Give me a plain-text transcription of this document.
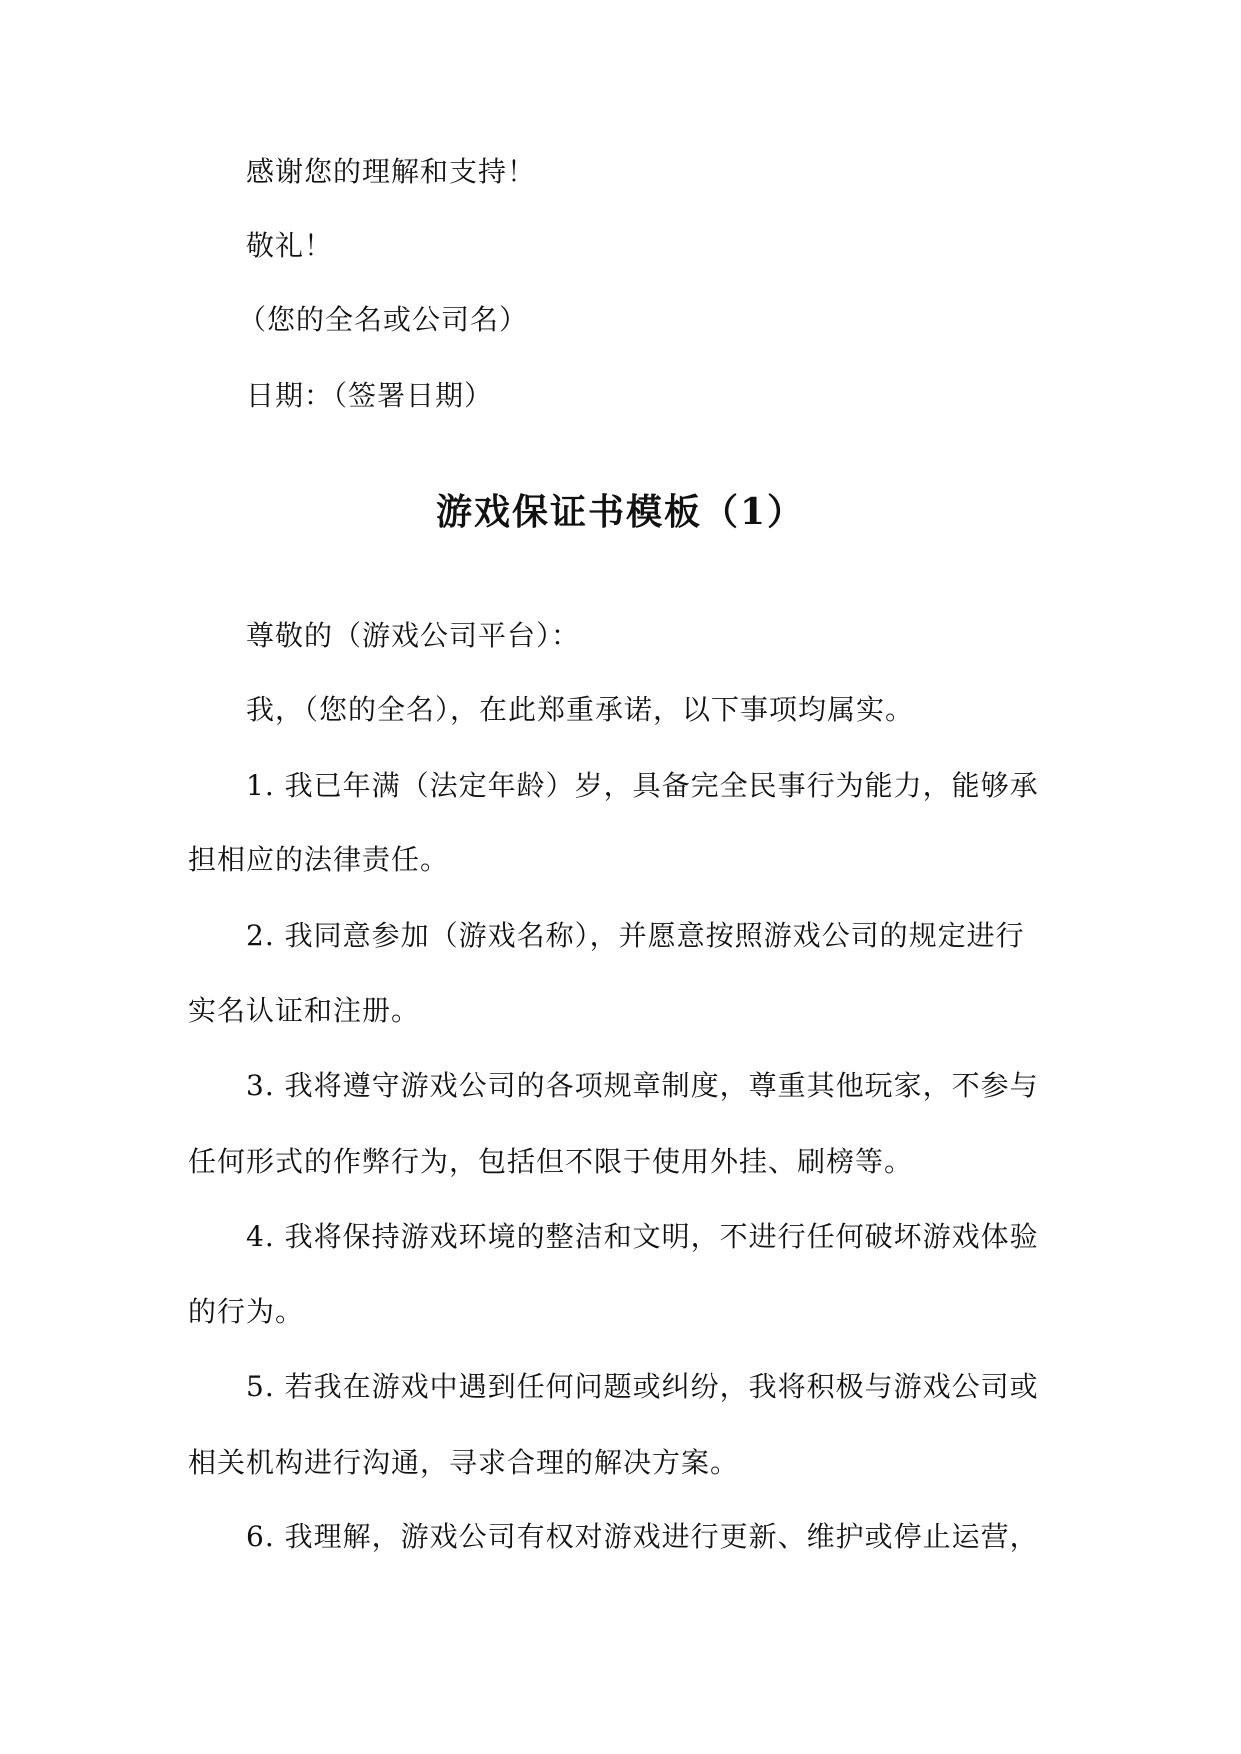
感谢您的理解和支持！
敬礼！
（您的全名或公司名）
日期：（签署日期）
游戏保证书模板（1）
尊敬的（游戏公司平台）：
我，（您的全名），在此郑重承诺，以下事项均属实。
1. 我已年满（法定年龄）岁，具备完全民事行为能力，能够承
担相应的法律责任。
2. 我同意参加（游戏名称），并愿意按照游戏公司的规定进行
实名认证和注册。
3. 我将遵守游戏公司的各项规章制度，尊重其他玩家，不参与
任何形式的作弊行为，包括但不限于使用外挂、刷榜等。
4. 我将保持游戏环境的整洁和文明，不进行任何破坏游戏体验
的行为。
5. 若我在游戏中遇到任何问题或纠纷，我将积极与游戏公司或
相关机构进行沟通，寻求合理的解决方案。
6. 我理解，游戏公司有权对游戏进行更新、维护或停止运营，
